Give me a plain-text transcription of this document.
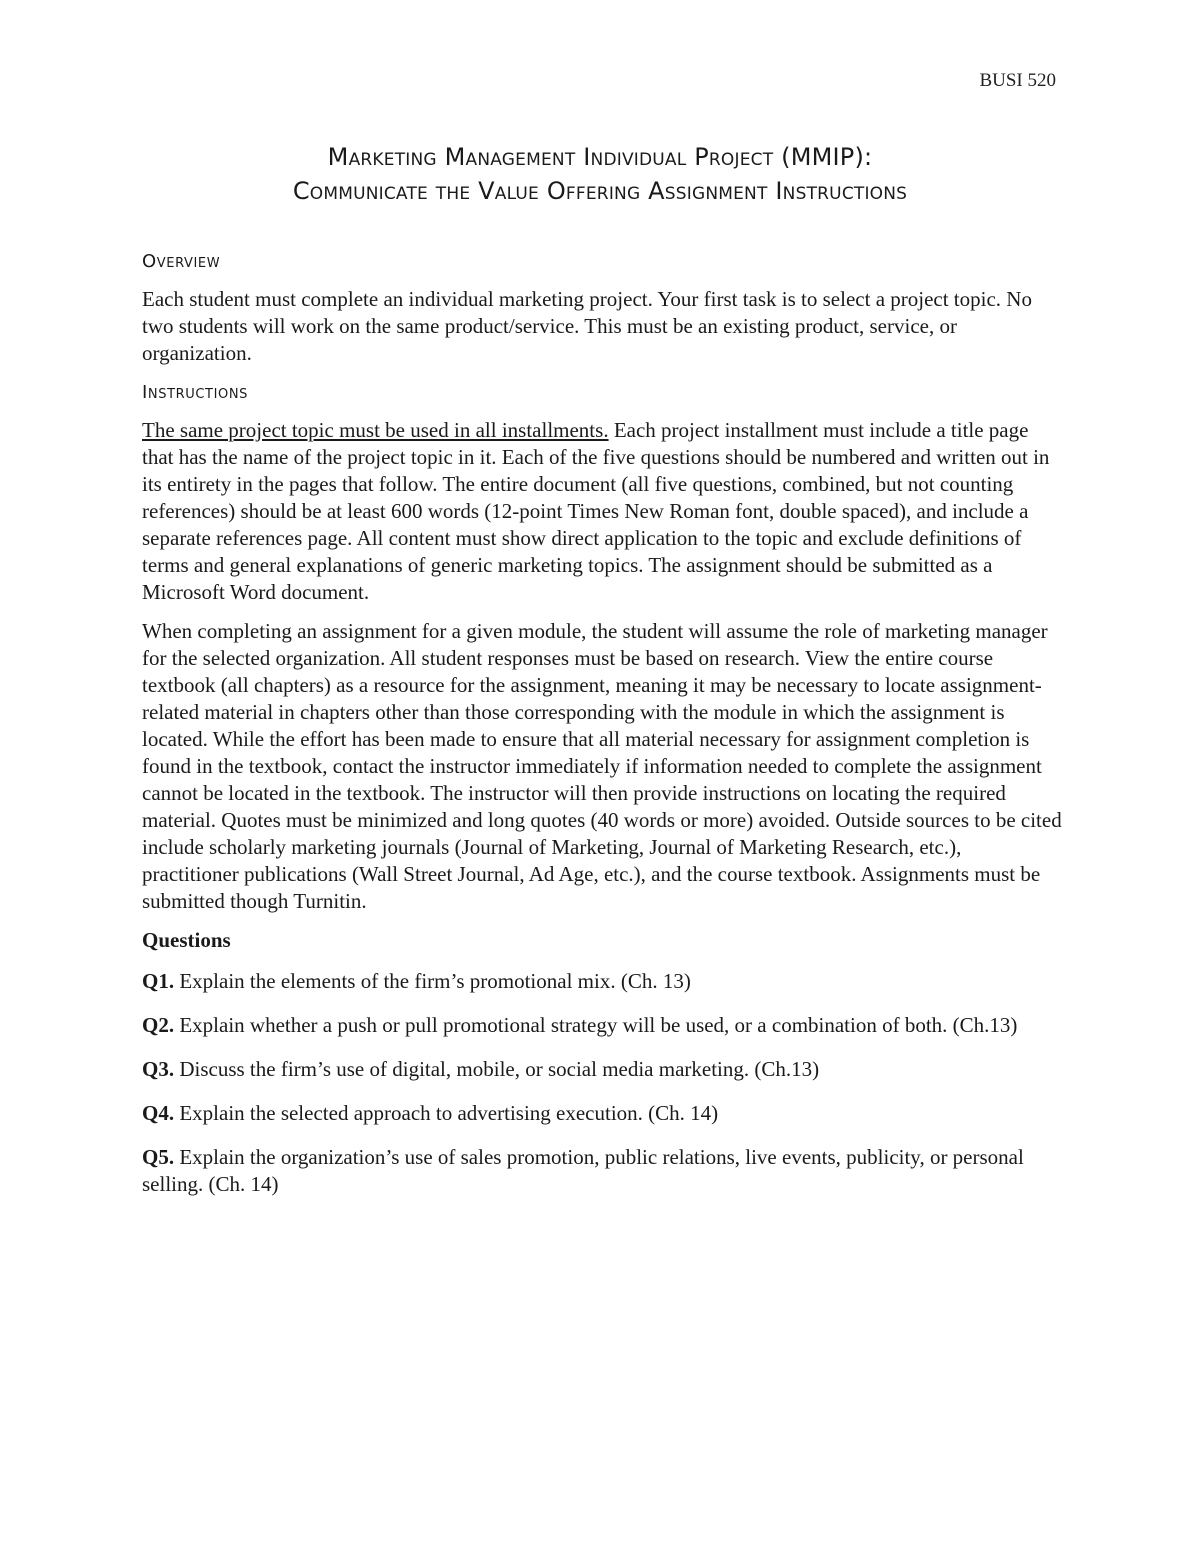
BUSI 520
Marketing Management Individual Project (MMIP):
Communicate the Value Offering Assignment Instructions
Overview

Each student must complete an individual marketing project. Your first task is to select a project topic. No two students will work on the same product/service. This must be an existing product, service, or organization.

Instructions

The same project topic must be used in all installments. Each project installment must include a title page that has the name of the project topic in it. Each of the five questions should be numbered and written out in its entirety in the pages that follow. The entire document (all five questions, combined, but not counting references) should be at least 600 words (12-point Times New Roman font, double spaced), and include a separate references page. All content must show direct application to the topic and exclude definitions of terms and general explanations of generic marketing topics. The assignment should be submitted as a Microsoft Word document.

When completing an assignment for a given module, the student will assume the role of marketing manager for the selected organization. All student responses must be based on research. View the entire course textbook (all chapters) as a resource for the assignment, meaning it may be necessary to locate assignment-related material in chapters other than those corresponding with the module in which the assignment is located. While the effort has been made to ensure that all material necessary for assignment completion is found in the textbook, contact the instructor immediately if information needed to complete the assignment cannot be located in the textbook. The instructor will then provide instructions on locating the required material. Quotes must be minimized and long quotes (40 words or more) avoided. Outside sources to be cited include scholarly marketing journals (Journal of Marketing, Journal of Marketing Research, etc.), practitioner publications (Wall Street Journal, Ad Age, etc.), and the course textbook. Assignments must be submitted though Turnitin.

Questions

Q1. Explain the elements of the firm’s promotional mix. (Ch. 13)

Q2. Explain whether a push or pull promotional strategy will be used, or a combination of both. (Ch.13)

Q3. Discuss the firm’s use of digital, mobile, or social media marketing. (Ch.13)

Q4. Explain the selected approach to advertising execution. (Ch. 14)

Q5. Explain the organization’s use of sales promotion, public relations, live events, publicity, or personal selling. (Ch. 14)
